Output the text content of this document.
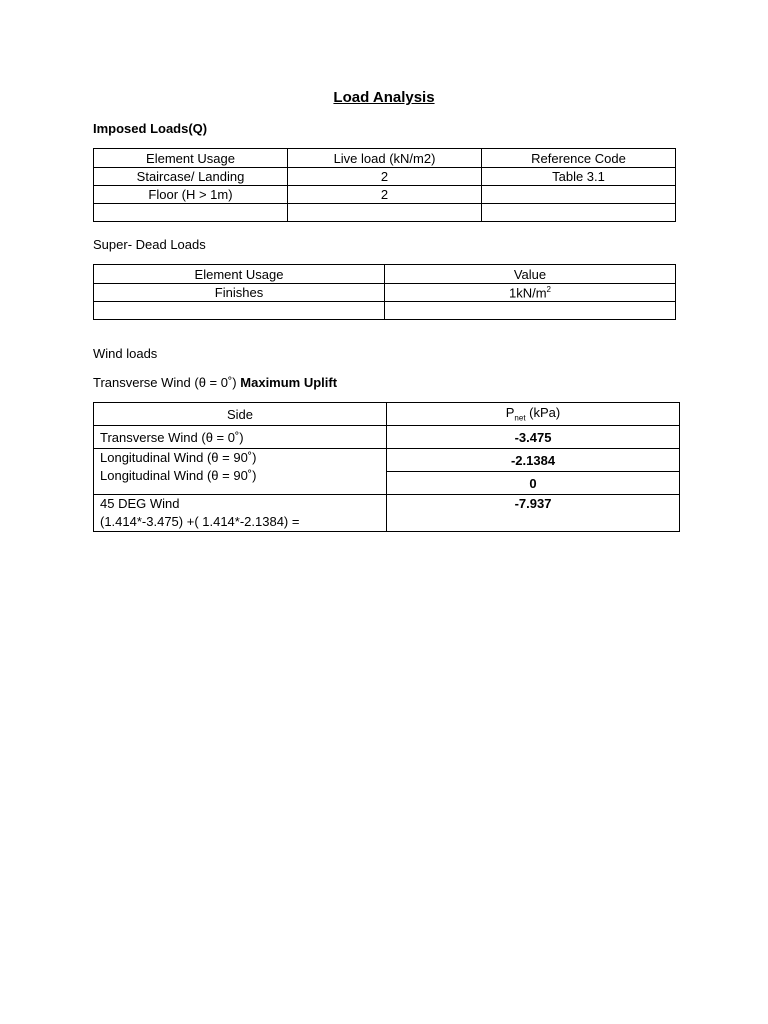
Load Analysis
Imposed Loads(Q)
Element Usage	Live load (kN/m2)	Reference Code
Staircase/ Landing	2	Table 3.1
Floor (H > 1m)	2	

Super- Dead Loads
Element Usage	Value
Finishes	$1kN/m^2$

Wind loads
Transverse Wind (θ = 0˚) Maximum Uplift
Side	$P_{net}$ (kPa)
Transverse Wind (θ = 0˚)	-3.475

Longitudinal Wind (θ = 90˚)
Longitudinal Wind (θ = 90˚)	-2.1384
	0

45 DEG Wind
(1.414*-3.475) +( 1.414*-2.1384) =	-7.937
